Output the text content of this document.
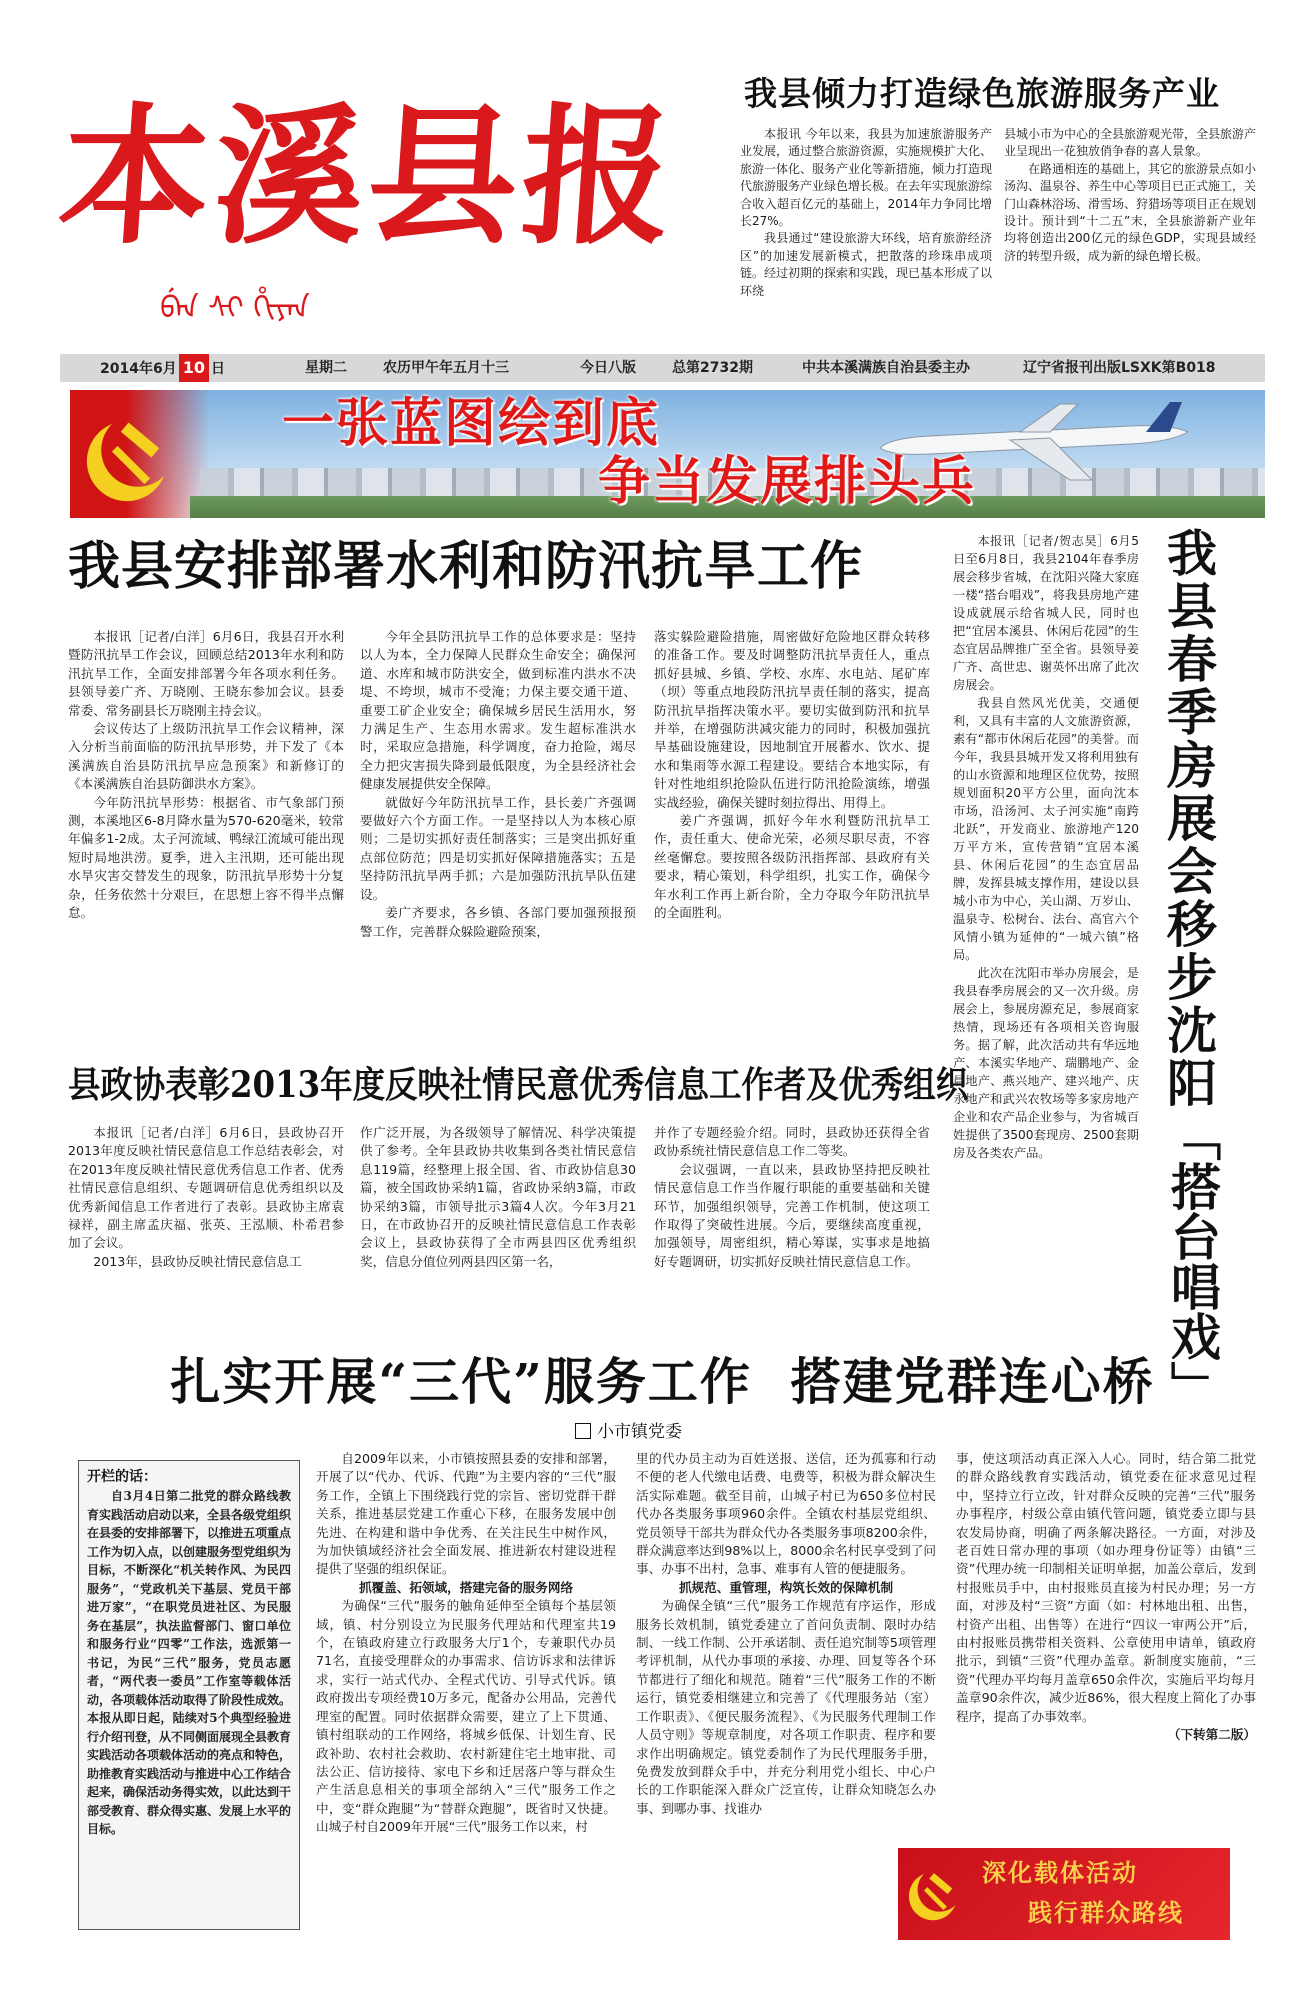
本溪县报
ᠪᡝᠨ ᠰᡳ ᡥᡳᠶᠠᠨ
我县倾力打造绿色旅游服务产业

本报讯 今年以来，我县为加速旅游服务产业发展，通过整合旅游资源，实施规模扩大化、旅游一体化、服务产业化等新措施，倾力打造现代旅游服务产业绿色增长极。在去年实现旅游综合收入超百亿元的基础上，2014年力争同比增长27%。

我县通过“建设旅游大环线，培育旅游经济区”的加速发展新模式，把散落的珍珠串成项链。经过初期的探索和实践，现已基本形成了以环绕

县城小市为中心的全县旅游观光带，全县旅游产业呈现出一花独放俏争春的喜人景象。

在路通相连的基础上，其它的旅游景点如小汤沟、温泉谷、养生中心等项目已正式施工，关门山森林浴场、滑雪场、狩猎场等项目正在规划设计。预计到“十二五”末，全县旅游新产业年均将创造出200亿元的绿色GDP，实现县域经济的转型升级，成为新的绿色增长极。

2014年6月 10 日	星期二	农历甲午年五月十三	今日八版	总第2732期	中共本溪满族自治县委主办	辽宁省报刊出版LSXK第B018
一张蓝图绘到底
争当发展排头兵
我县安排部署水利和防汛抗旱工作

本报讯［记者/白洋］6月6日，我县召开水利暨防汛抗旱工作会议，回顾总结2013年水利和防汛抗旱工作，全面安排部署今年各项水利任务。县领导姜广齐、万晓刚、王晓东参加会议。县委常委、常务副县长万晓刚主持会议。

会议传达了上级防汛抗旱工作会议精神，深入分析当前面临的防汛抗旱形势，并下发了《本溪满族自治县防汛抗旱应急预案》和新修订的《本溪满族自治县防御洪水方案》。

今年防汛抗旱形势：根据省、市气象部门预测，本溪地区6-8月降水量为570-620毫米，较常年偏多1-2成。太子河流域、鸭绿江流域可能出现短时局地洪涝。夏季，进入主汛期，还可能出现水旱灾害交替发生的现象，防汛抗旱形势十分复杂，任务依然十分艰巨，在思想上容不得半点懈怠。

今年全县防汛抗旱工作的总体要求是：坚持以人为本，全力保障人民群众生命安全；确保河道、水库和城市防洪安全，做到标准内洪水不决堤、不垮坝，城市不受淹；力保主要交通干道、重要工矿企业安全；确保城乡居民生活用水，努力满足生产、生态用水需求。发生超标准洪水时，采取应急措施，科学调度，奋力抢险，竭尽全力把灾害损失降到最低限度，为全县经济社会健康发展提供安全保障。

就做好今年防汛抗旱工作，县长姜广齐强调要做好六个方面工作。一是坚持以人为本核心原则；二是切实抓好责任制落实；三是突出抓好重点部位防范；四是切实抓好保障措施落实；五是坚持防汛抗旱两手抓；六是加强防汛抗旱队伍建设。

姜广齐要求，各乡镇、各部门要加强预报预警工作，完善群众躲险避险预案，

落实躲险避险措施，周密做好危险地区群众转移的准备工作。要及时调整防汛抗旱责任人，重点抓好县城、乡镇、学校、水库、水电站、尾矿库（坝）等重点地段防汛抗旱责任制的落实，提高防汛抗旱指挥决策水平。要切实做到防汛和抗旱并举，在增强防洪减灾能力的同时，积极加强抗旱基础设施建设，因地制宜开展蓄水、饮水、提水和集雨等水源工程建设。要结合本地实际，有针对性地组织抢险队伍进行防汛抢险演练，增强实战经验，确保关键时刻拉得出、用得上。

姜广齐强调，抓好今年水利暨防汛抗旱工作，责任重大、使命光荣，必须尽职尽责，不容丝毫懈怠。要按照各级防汛指挥部、县政府有关要求，精心策划，科学组织，扎实工作，确保今年水利工作再上新台阶，全力夺取今年防汛抗旱的全面胜利。

本报讯［记者/贺志昊］6月5日至6月8日，我县2104年春季房展会移步省城，在沈阳兴隆大家庭一楼“搭台唱戏”，将我县房地产建设成就展示给省城人民，同时也把“宜居本溪县、休闲后花园”的生态宜居品牌推广至全省。县领导姜广齐、高世忠、谢英怀出席了此次房展会。

我县自然风光优美，交通便利，又具有丰富的人文旅游资源，素有“都市休闲后花园”的美誉。而今年，我县县城开发又将利用独有的山水资源和地理区位优势，按照规划面积20平方公里，面向沈本市场，沿汤河、太子河实施“南跨北跃”，开发商业、旅游地产120万平方米，宣传营销“宜居本溪县、休闲后花园”的生态宜居品牌，发挥县城支撑作用，建设以县城小市为中心，关山湖、万岁山、温泉寺、松树台、法台、高官六个风情小镇为延伸的“一城六镇”格局。

此次在沈阳市举办房展会，是我县春季房展会的又一次升级。房展会上，参展房源充足，参展商家热情，现场还有各项相关咨询服务。据了解，此次活动共有华远地产、本溪实华地产、瑞鹏地产、金晨地产、燕兴地产、建兴地产、庆永地产和武兴农牧场等多家房地产企业和农产品企业参与，为省城百姓提供了3500套现房、2500套期房及各类农产品。

我
县
春
季
房
展
会
移
步
沈
阳
「搭台唱戏」
县政协表彰2013年度反映社情民意优秀信息工作者及优秀组织

本报讯［记者/白洋］6月6日，县政协召开2013年度反映社情民意信息工作总结表彰会，对在2013年度反映社情民意优秀信息工作者、优秀社情民意信息组织、专题调研信息优秀组织以及优秀新闻信息工作者进行了表彰。县政协主席袁禄祥，副主席孟庆福、张英、王泓顺、朴希君参加了会议。

2013年，县政协反映社情民意信息工

作广泛开展，为各级领导了解情况、科学决策提供了参考。全年县政协共收集到各类社情民意信息119篇，经整理上报全国、省、市政协信息30篇，被全国政协采纳1篇，省政协采纳3篇，市政协采纳3篇，市领导批示3篇4人次。今年3月21日，在市政协召开的反映社情民意信息工作表彰会议上，县政协获得了全市两县四区优秀组织奖，信息分值位列两县四区第一名，

并作了专题经验介绍。同时，县政协还获得全省政协系统社情民意信息工作二等奖。

会议强调，一直以来，县政协坚持把反映社情民意信息工作当作履行职能的重要基础和关键环节，加强组织领导，完善工作机制，使这项工作取得了突破性进展。今后，要继续高度重视，加强领导，周密组织，精心筹谋，实事求是地搞好专题调研，切实抓好反映社情民意信息工作。

扎实开展“三代”服务工作  搭建党群连心桥
小市镇党委
开栏的话：
自3月4日第二批党的群众路线教育实践活动启动以来，全县各级党组织在县委的安排部署下，以推进五项重点工作为切入点，以创建服务型党组织为目标，不断深化“机关转作风、为民四服务”，“党政机关下基层、党员干部进万家”，“在职党员进社区、为民服务在基层”，执法监督部门、窗口单位和服务行业“四零”工作法，选派第一书记，为民“三代”服务，党员志愿者，“两代表一委员”工作室等载体活动，各项载体活动取得了阶段性成效。本报从即日起，陆续对5个典型经验进行介绍刊登，从不同侧面展现全县教育实践活动各项载体活动的亮点和特色，助推教育实践活动与推进中心工作结合起来，确保活动务得实效，以此达到干部受教育、群众得实惠、发展上水平的目标。

自2009年以来，小市镇按照县委的安排和部署，开展了以“代办、代诉、代跑”为主要内容的“三代”服务工作，全镇上下围绕践行党的宗旨、密切党群干群关系，推进基层党建工作重心下移，在服务发展中创先进、在构建和谐中争优秀、在关注民生中树作风，为加快镇域经济社会全面发展、推进新农村建设进程提供了坚强的组织保证。

抓覆盖、拓领域，搭建完备的服务网络

为确保“三代”服务的触角延伸至全镇每个基层领域，镇、村分别设立为民服务代理站和代理室共19个，在镇政府建立行政服务大厅1个，专兼职代办员71名，直接受理群众的办事需求、信访诉求和法律诉求，实行一站式代办、全程式代访、引导式代诉。镇政府拨出专项经费10万多元，配备办公用品，完善代理室的配置。同时依据群众需要，建立了上下贯通、镇村组联动的工作网络，将城乡低保、计划生育、民政补助、农村社会救助、农村新建住宅土地审批、司法公正、信访接待、家电下乡和迁居落户等与群众生产生活息息相关的事项全部纳入“三代”服务工作之中，变“群众跑腿”为“替群众跑腿”，既省时又快捷。山城子村自2009年开展“三代”服务工作以来，村

里的代办员主动为百姓送报、送信，还为孤寡和行动不便的老人代缴电话费、电费等，积极为群众解决生活实际难题。截至目前，山城子村已为650多位村民代办各类服务事项960余件。全镇农村基层党组织、党员领导干部共为群众代办各类服务事项8200余件，群众满意率达到98%以上，8000余名村民享受到了问事、办事不出村，急事、难事有人管的便捷服务。

抓规范、重管理，构筑长效的保障机制

为确保全镇“三代”服务工作规范有序运作，形成服务长效机制，镇党委建立了首问负责制、限时办结制、一线工作制、公开承诺制、责任追究制等5项管理考评机制，从代办事项的承接、办理、回复等各个环节都进行了细化和规范。随着“三代”服务工作的不断运行，镇党委相继建立和完善了《代理服务站（室）工作职责》、《便民服务流程》、《为民服务代理制工作人员守则》等规章制度，对各项工作职责、程序和要求作出明确规定。镇党委制作了为民代理服务手册，免费发放到群众手中，并充分利用党小组长、中心户长的工作职能深入群众广泛宣传，让群众知晓怎么办事、到哪办事、找谁办

事，使这项活动真正深入人心。同时，结合第二批党的群众路线教育实践活动，镇党委在征求意见过程中，坚持立行立改，针对群众反映的完善“三代”服务办事程序，村级公章由镇代管问题，镇党委立即与县农发局协商，明确了两条解决路径。一方面，对涉及老百姓日常办理的事项（如办理身份证等）由镇“三资”代理办统一印制相关证明单据，加盖公章后，发到村报账员手中，由村报账员直接为村民办理；另一方面，对涉及村“三资”方面（如：村林地出租、出售，村资产出租、出售等）在进行“四议一审两公开”后，由村报账员携带相关资料、公章使用申请单，镇政府批示，到镇“三资”代理办盖章。新制度实施前，“三资”代理办平均每月盖章650余件次，实施后平均每月盖章90余件次，减少近86%，很大程度上简化了办事程序，提高了办事效率。

（下转第二版）

深化载体活动
践行群众路线
